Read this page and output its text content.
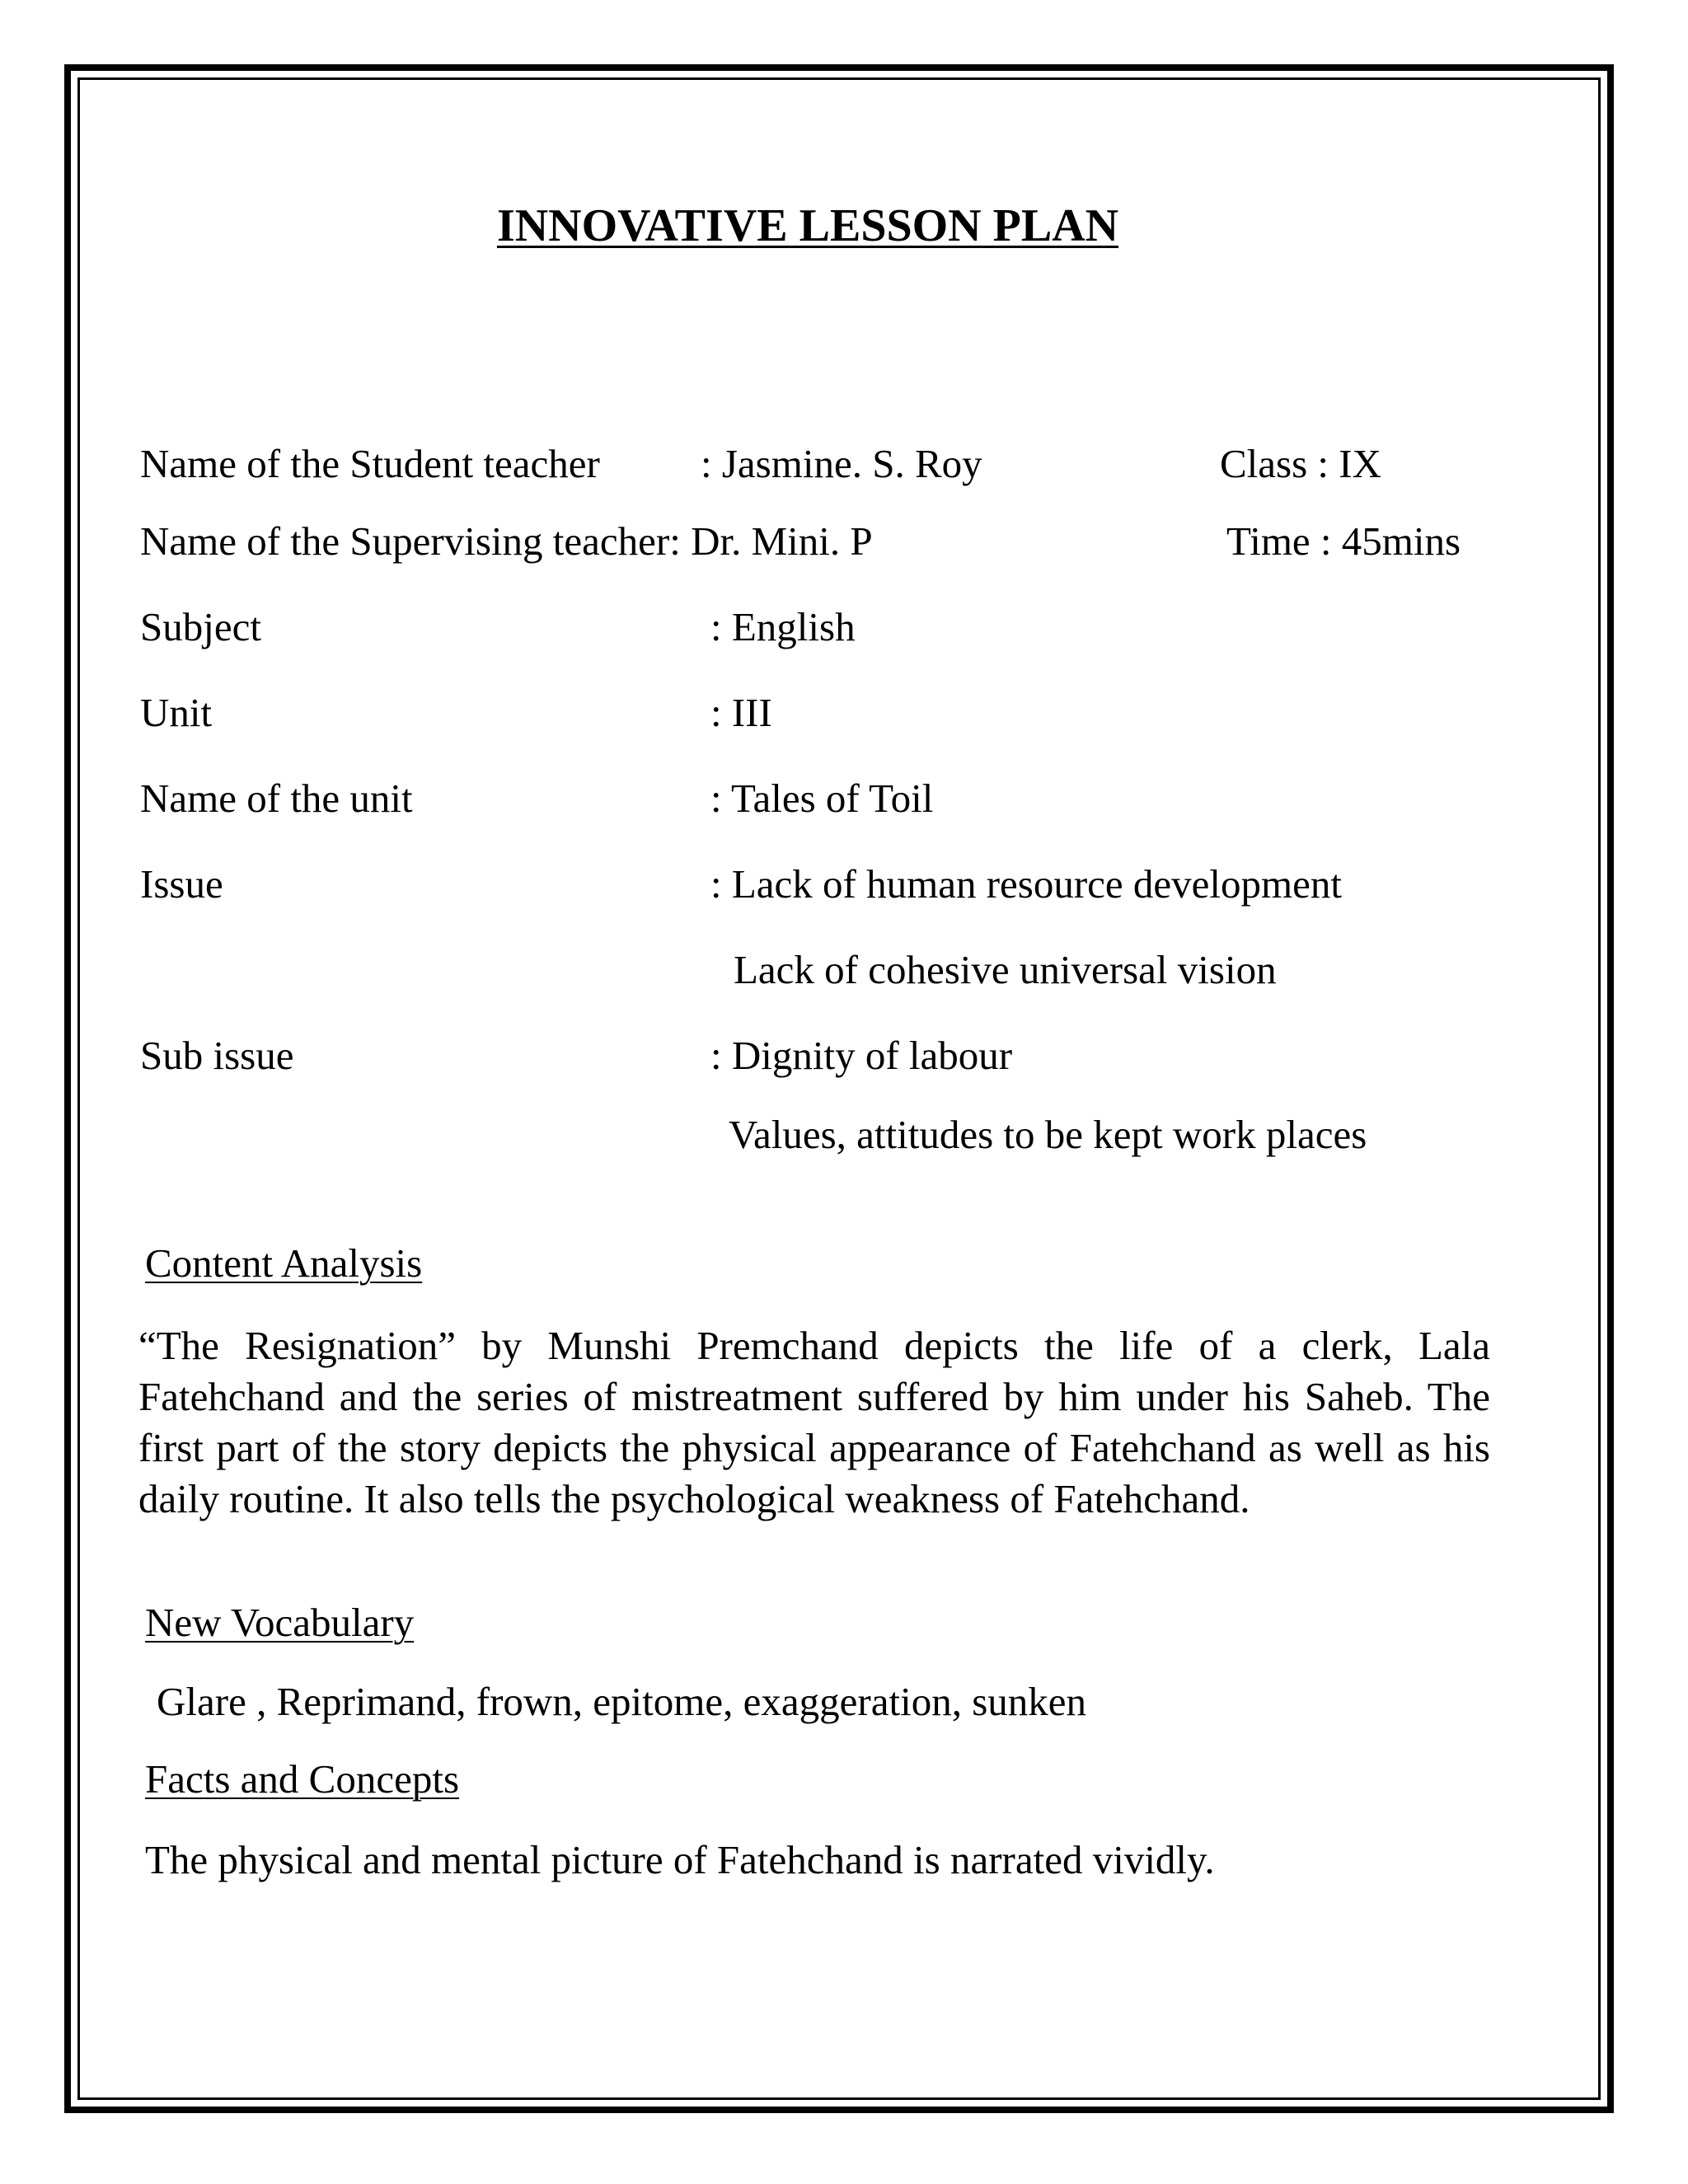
INNOVATIVE LESSON PLAN
Name of the Student teacher : Jasmine. S. Roy	Class : IX
Name of the Supervising teacher: Dr. Mini. P	Time : 45mins
Subject	: English
Unit	: III
Name of the unit	: Tales of Toil
Issue	: Lack of human resource development
Lack of cohesive universal vision
Sub issue	: Dignity of labour
Values, attitudes to be kept work places
Content Analysis
“The Resignation” by Munshi Premchand depicts the life of a clerk, Lala Fatehchand and the series of mistreatment suffered by him under his Saheb. The first part of the story depicts the physical appearance of Fatehchand as well as his daily routine. It also tells the psychological weakness of Fatehchand.
New Vocabulary
Glare , Reprimand, frown, epitome, exaggeration, sunken
Facts and Concepts
The physical and mental picture of Fatehchand is narrated vividly.
